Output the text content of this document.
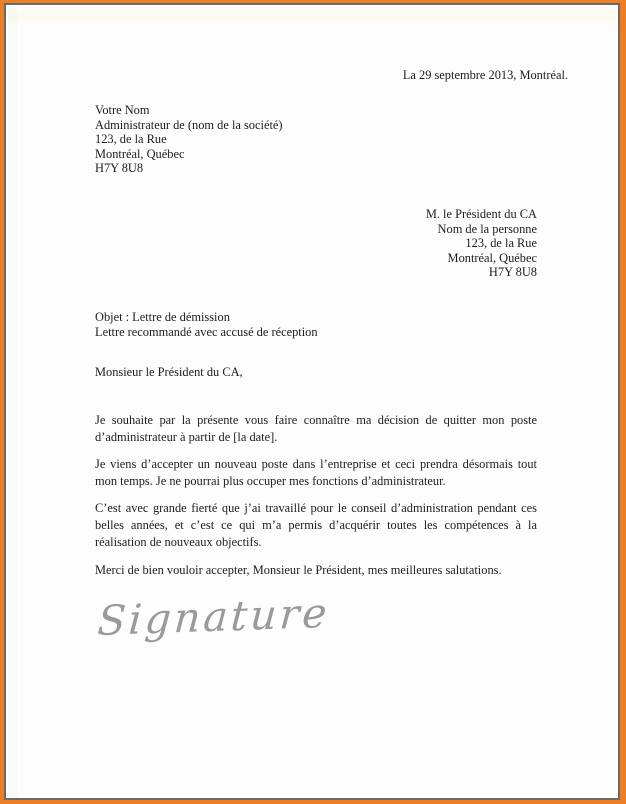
La 29 septembre 2013, Montréal.
Votre Nom
Administrateur de (nom de la société)
123, de la Rue
Montréal, Québec
H7Y 8U8
M. le Président du CA
Nom de la personne
123, de la Rue
Montréal, Québec
H7Y 8U8
Objet : Lettre de démission
Lettre recommandé avec accusé de réception
Monsieur le Président du CA,
Je souhaite par la présente vous faire connaître ma décision de quitter mon poste d’administrateur à partir de [la date].
Je viens d’accepter un nouveau poste dans l’entreprise et ceci prendra désormais tout mon temps. Je ne pourrai plus occuper mes fonctions d’administrateur.
C’est avec grande fierté que j’ai travaillé pour le conseil d’administration pendant ces belles années, et c’est ce qui m’a permis d’acquérir toutes les compétences à la réalisation de nouveaux objectifs.
Merci de bien vouloir accepter, Monsieur le Président, mes meilleures salutations.
Signature
